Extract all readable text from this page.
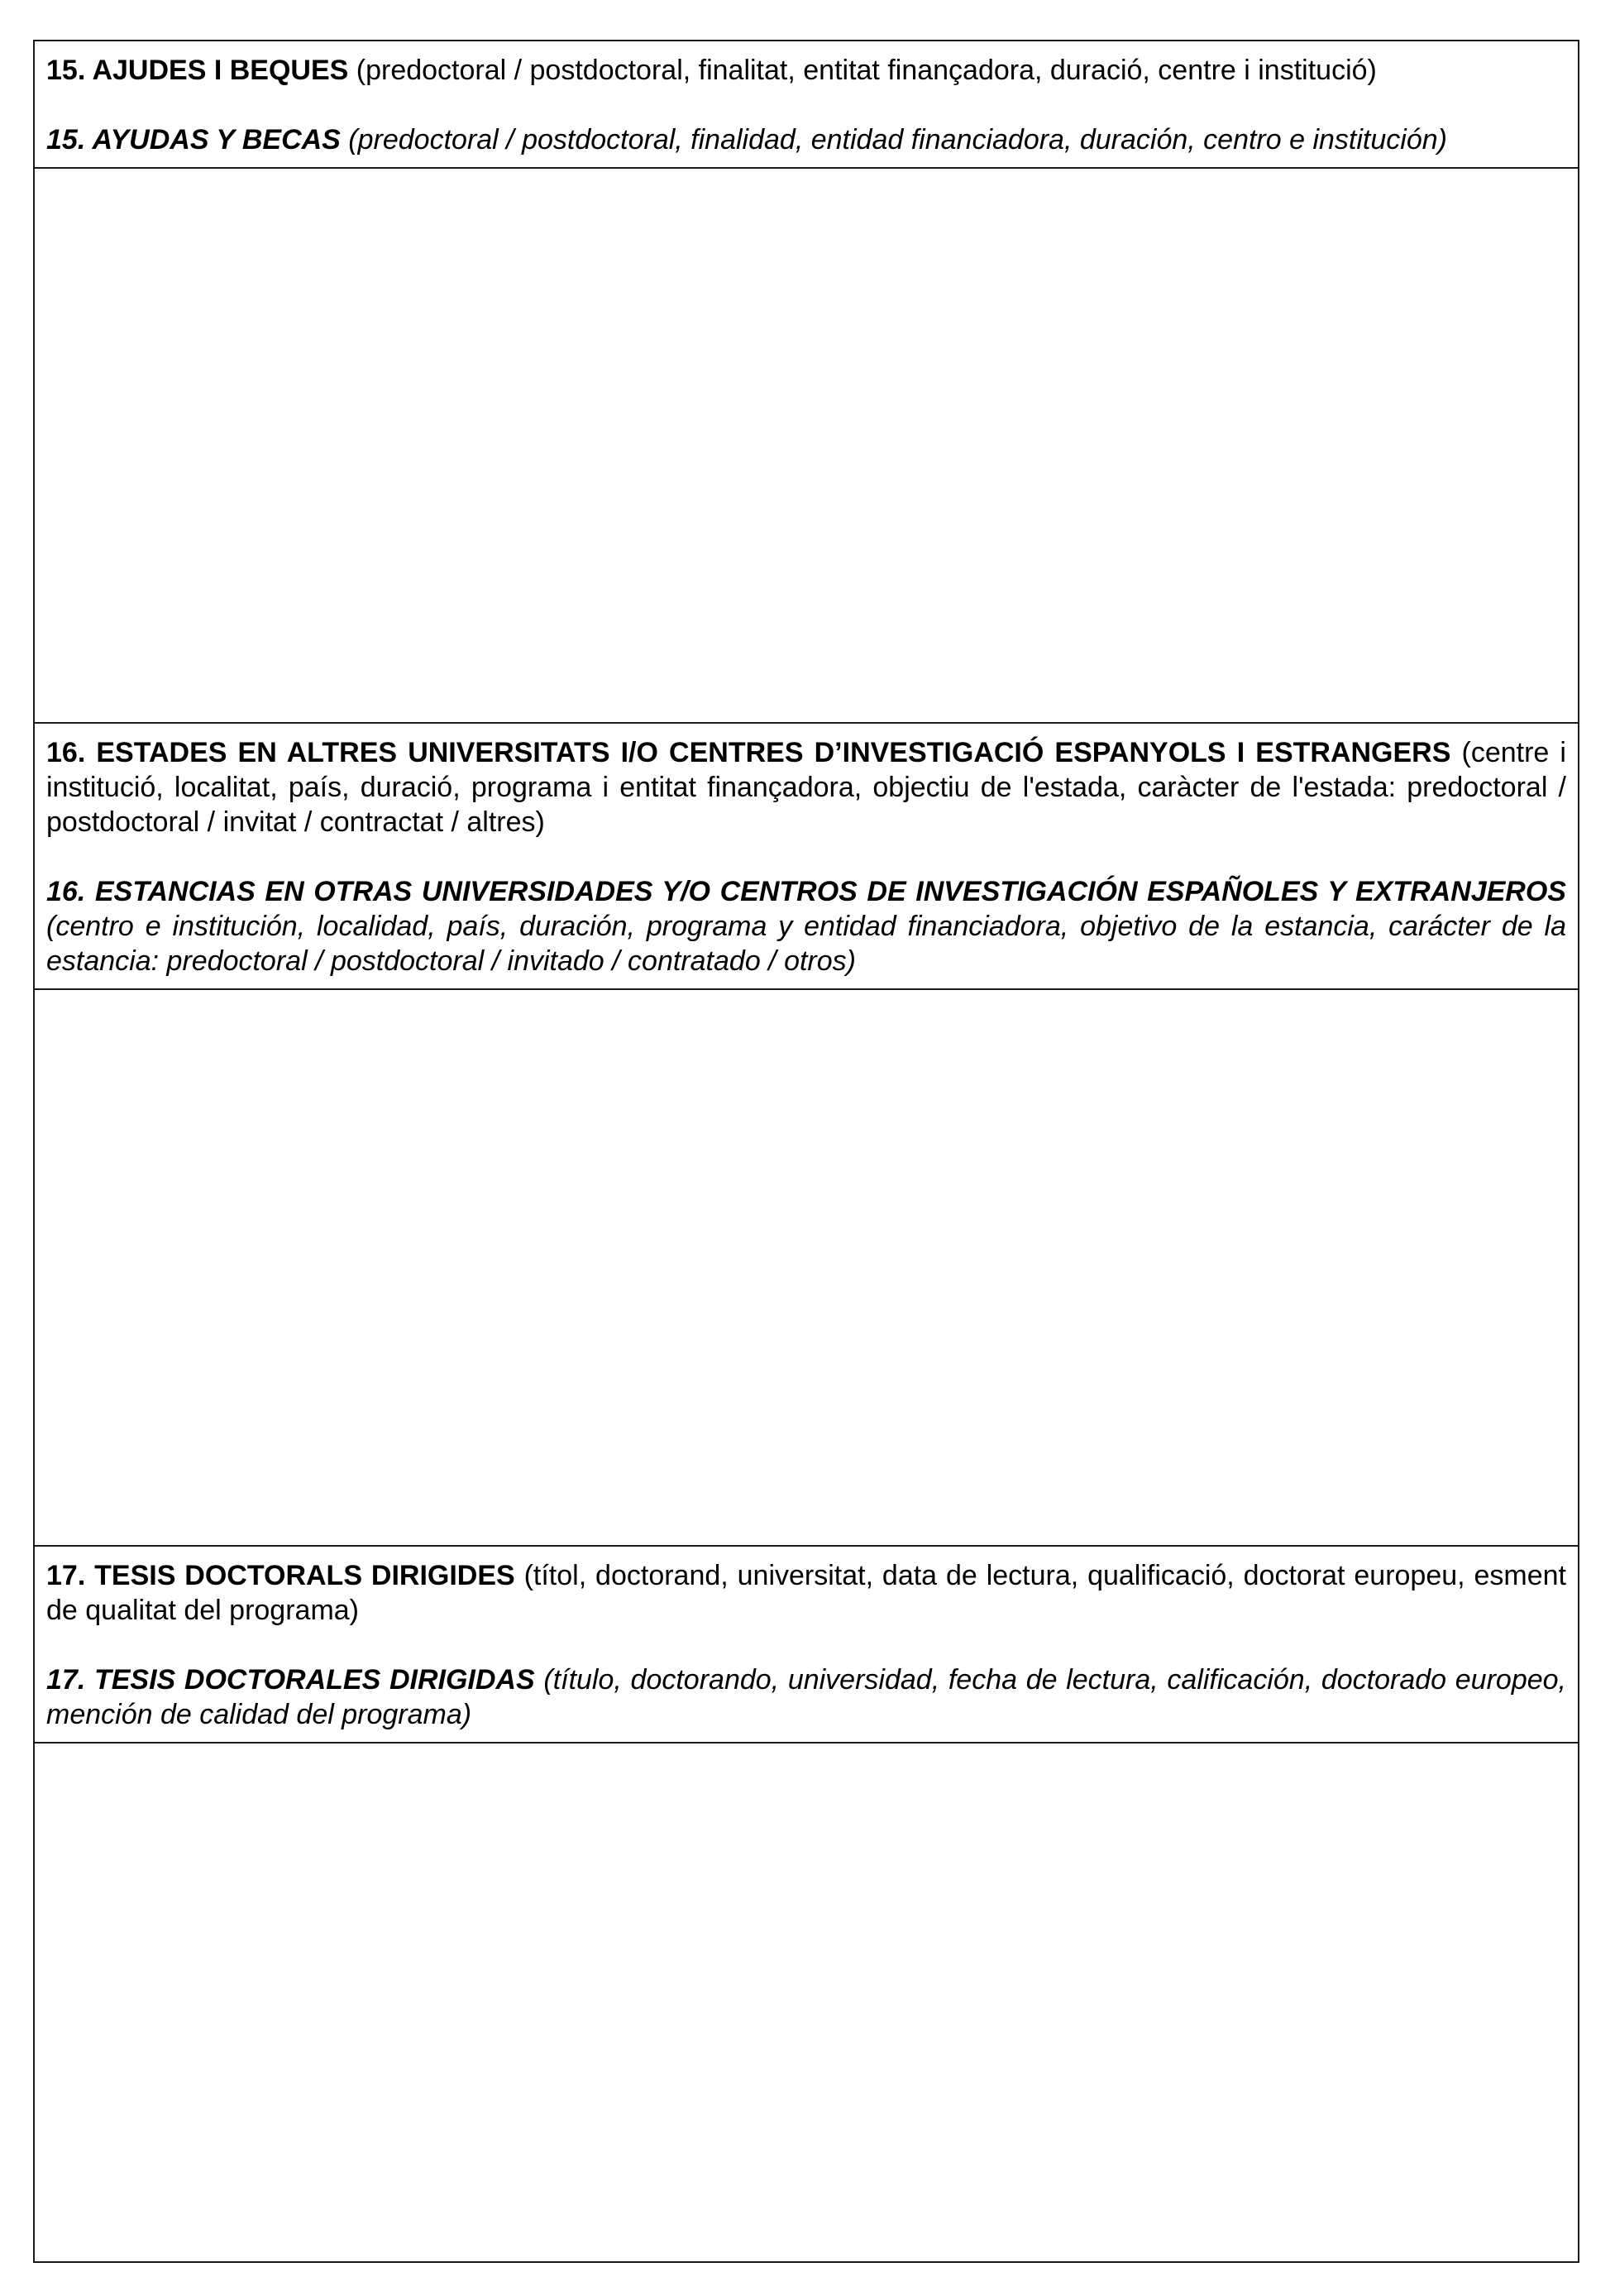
15. AJUDES I BEQUES (predoctoral / postdoctoral, finalitat, entitat finançadora, duració, centre i institució)

15. AYUDAS Y BECAS (predoctoral / postdoctoral, finalidad, entidad financiadora, duración, centro e institución)

16. ESTADES EN ALTRES UNIVERSITATS I/O CENTRES D’INVESTIGACIÓ ESPANYOLS I ESTRANGERS (centre i institució, localitat, país, duració, programa i entitat finançadora, objectiu de l'estada, caràcter de l'estada: predoctoral / postdoctoral / invitat / contractat / altres)

16. ESTANCIAS EN OTRAS UNIVERSIDADES Y/O CENTROS DE INVESTIGACIÓN ESPAÑOLES Y EXTRANJEROS (centro e institución, localidad, país, duración, programa y entidad financiadora, objetivo de la estancia, carácter de la estancia: predoctoral / postdoctoral / invitado / contratado / otros)

17. TESIS DOCTORALS DIRIGIDES (títol, doctorand, universitat, data de lectura, qualificació, doctorat europeu, esment de qualitat del programa)

17. TESIS DOCTORALES DIRIGIDAS (título, doctorando, universidad, fecha de lectura, calificación, doctorado europeo, mención de calidad del programa)
